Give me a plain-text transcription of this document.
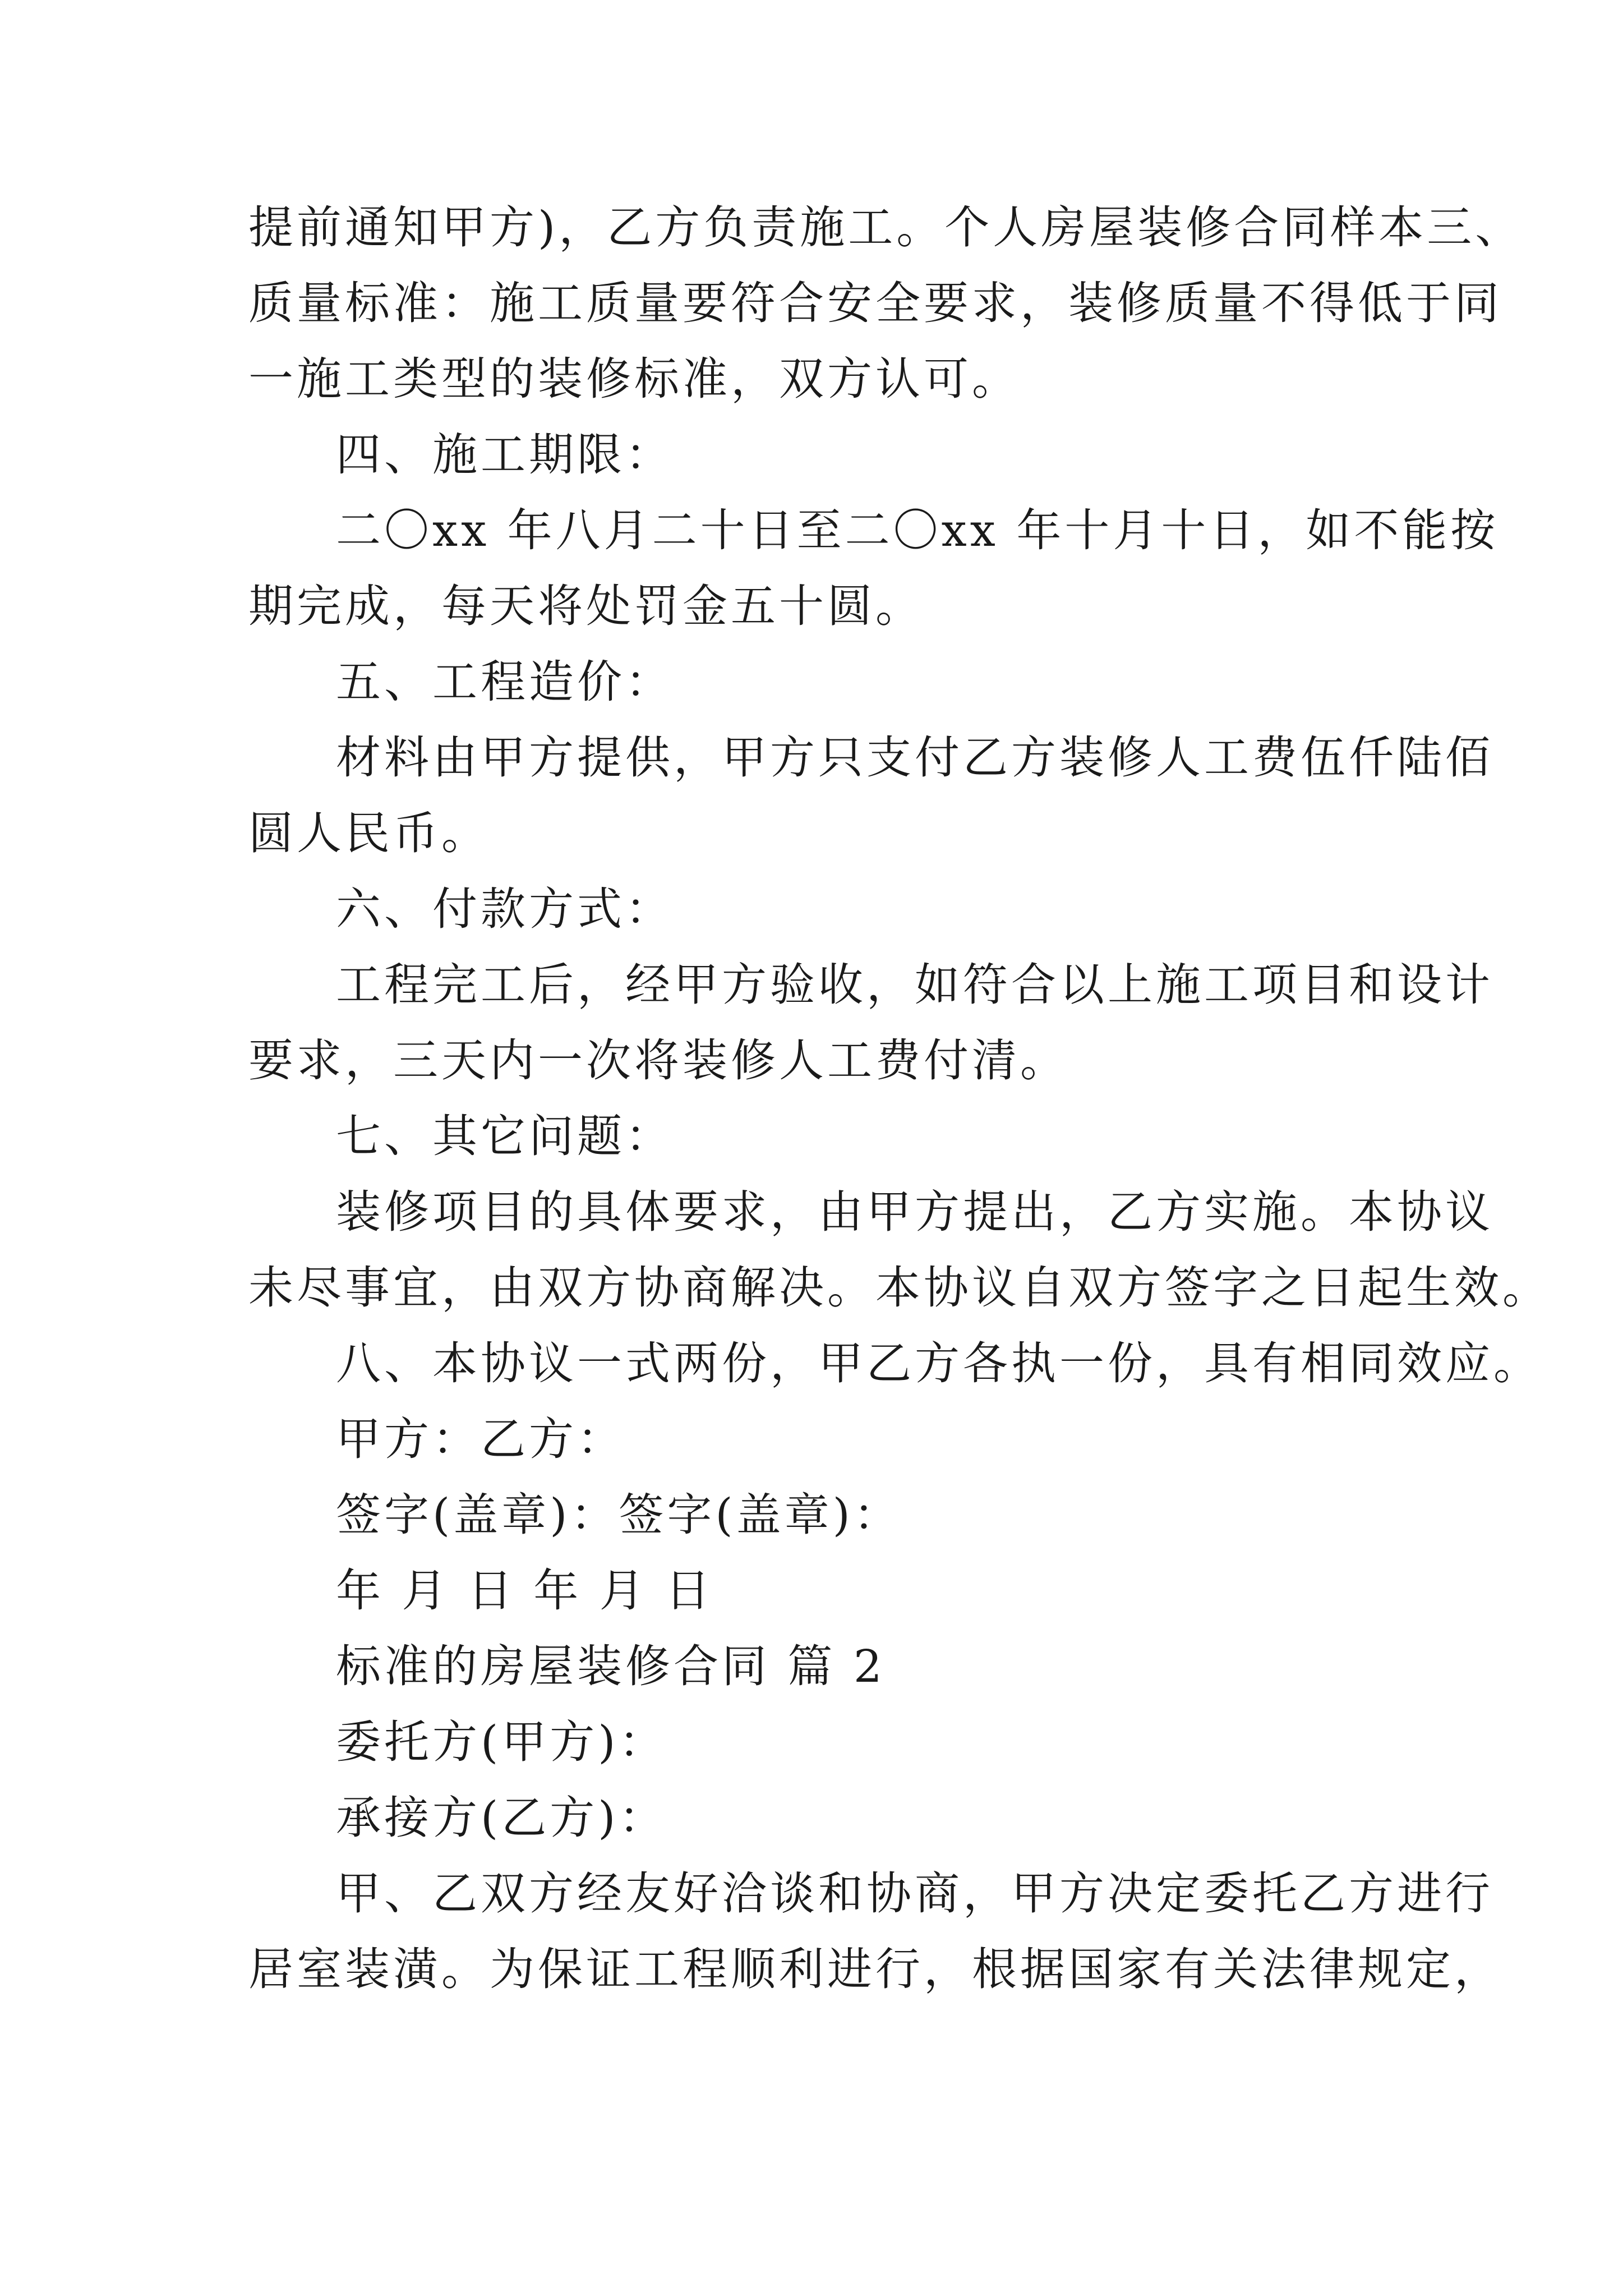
提前通知甲方)，乙方负责施工。个人房屋装修合同样本三、
质量标准：施工质量要符合安全要求，装修质量不得低于同
一施工类型的装修标准，双方认可。
四、施工期限：
二〇xx 年八月二十日至二〇xx 年十月十日，如不能按
期完成，每天将处罚金五十圆。
五、工程造价：
材料由甲方提供，甲方只支付乙方装修人工费伍仟陆佰
圆人民币。
六、付款方式：
工程完工后，经甲方验收，如符合以上施工项目和设计
要求，三天内一次将装修人工费付清。
七、其它问题：
装修项目的具体要求，由甲方提出，乙方实施。本协议
未尽事宜，由双方协商解决。本协议自双方签字之日起生效。
八、本协议一式两份，甲乙方各执一份，具有相同效应。
甲方：乙方：
签字(盖章)：签字(盖章)：
年 月 日 年 月 日
标准的房屋装修合同 篇 2
委托方(甲方)：
承接方(乙方)：
甲、乙双方经友好洽谈和协商，甲方决定委托乙方进行
居室装潢。为保证工程顺利进行，根据国家有关法律规定，
